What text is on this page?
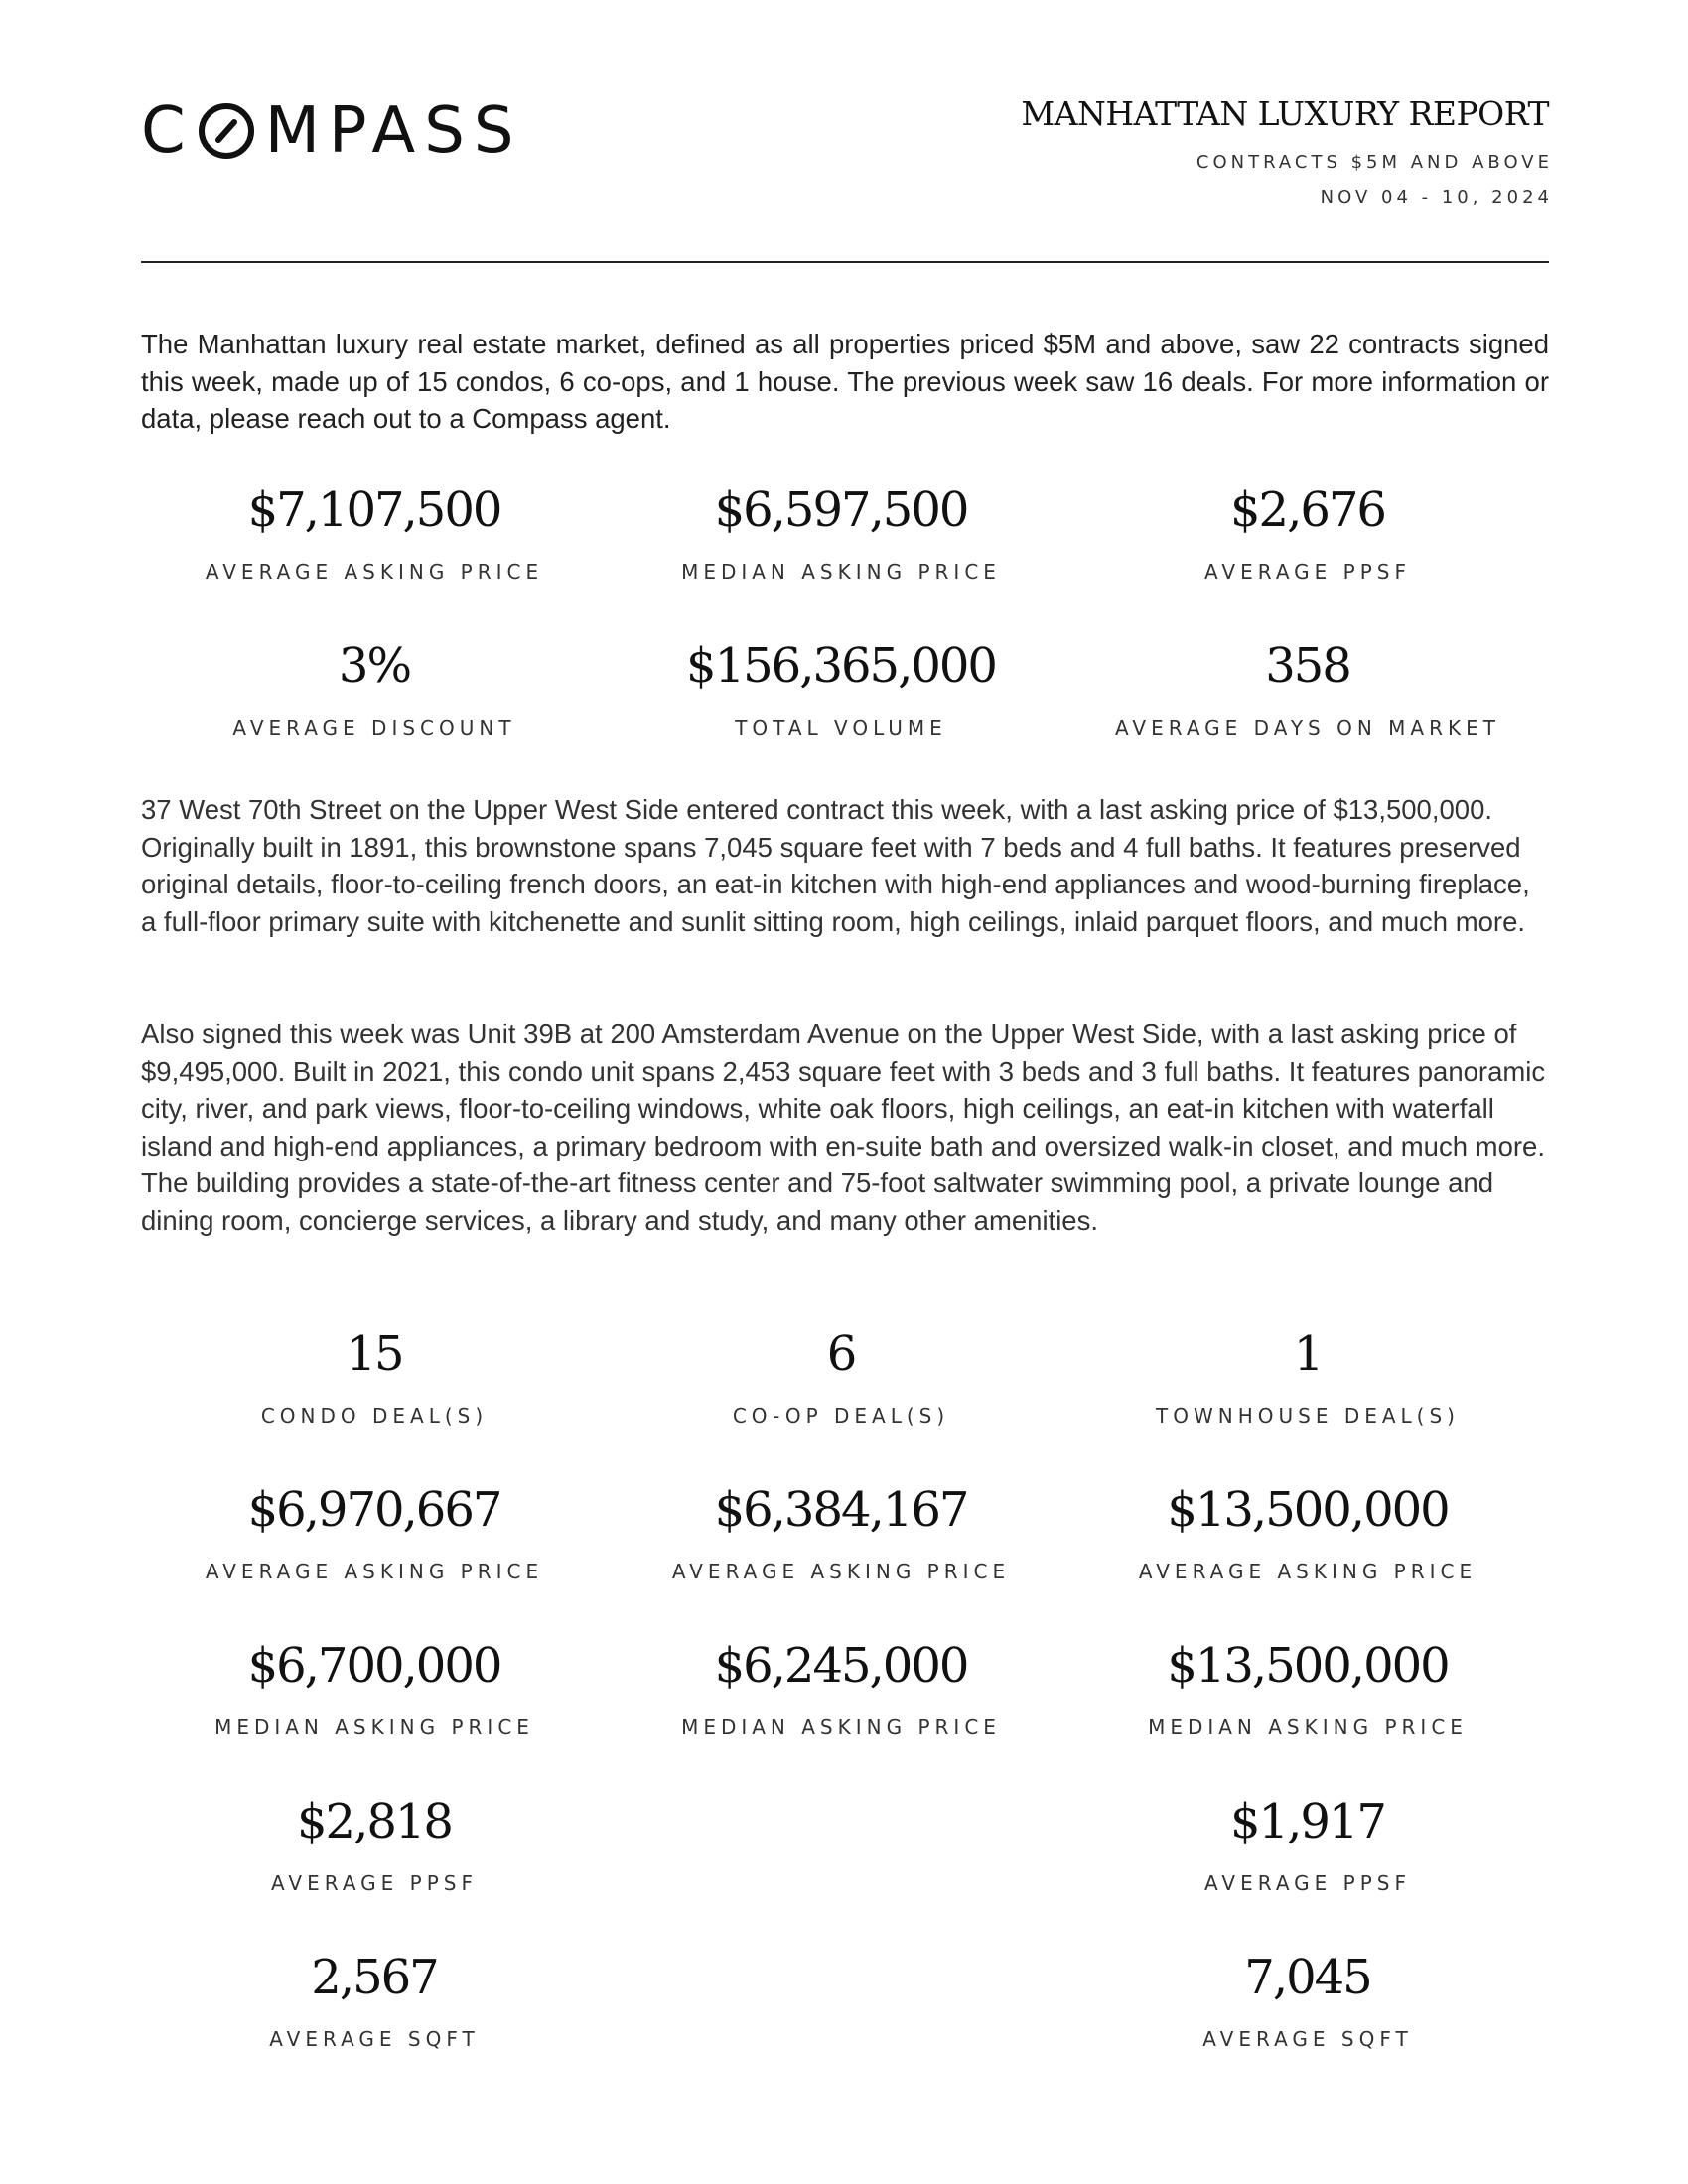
C MPASS	MANHATTAN LUXURY REPORT
CONTRACTS $5M AND ABOVE
NOV 04 - 10, 2024

The Manhattan luxury real estate market, defined as all properties priced $5M and above, saw 22 contracts signed this week, made up of 15 condos, 6 co-ops, and 1 house. The previous week saw 16 deals. For more information or data, please reach out to a Compass agent.

$7,107,500
AVERAGE ASKING PRICE
$6,597,500
MEDIAN ASKING PRICE
$2,676
AVERAGE PPSF
3%
AVERAGE DISCOUNT
$156,365,000
TOTAL VOLUME
358
AVERAGE DAYS ON MARKET

37 West 70th Street on the Upper West Side entered contract this week, with a last asking price of $13,500,000. Originally built in 1891, this brownstone spans 7,045 square feet with 7 beds and 4 full baths. It features preserved original details, floor-to-ceiling french doors, an eat-in kitchen with high-end appliances and wood-burning fireplace, a full-floor primary suite with kitchenette and sunlit sitting room, high ceilings, inlaid parquet floors, and much more.

Also signed this week was Unit 39B at 200 Amsterdam Avenue on the Upper West Side, with a last asking price of $9,495,000. Built in 2021, this condo unit spans 2,453 square feet with 3 beds and 3 full baths. It features panoramic city, river, and park views, floor-to-ceiling windows, white oak floors, high ceilings, an eat-in kitchen with waterfall island and high-end appliances, a primary bedroom with en-suite bath and oversized walk-in closet, and much more. The building provides a state-of-the-art fitness center and 75-foot saltwater swimming pool, a private lounge and dining room, concierge services, a library and study, and many other amenities.

15
CONDO DEAL(S)
$6,970,667
AVERAGE ASKING PRICE
$6,700,000
MEDIAN ASKING PRICE
$2,818
AVERAGE PPSF
2,567
AVERAGE SQFT
6
CO-OP DEAL(S)
$6,384,167
AVERAGE ASKING PRICE
$6,245,000
MEDIAN ASKING PRICE
1
TOWNHOUSE DEAL(S)
$13,500,000
AVERAGE ASKING PRICE
$13,500,000
MEDIAN ASKING PRICE
$1,917
AVERAGE PPSF
7,045
AVERAGE SQFT
